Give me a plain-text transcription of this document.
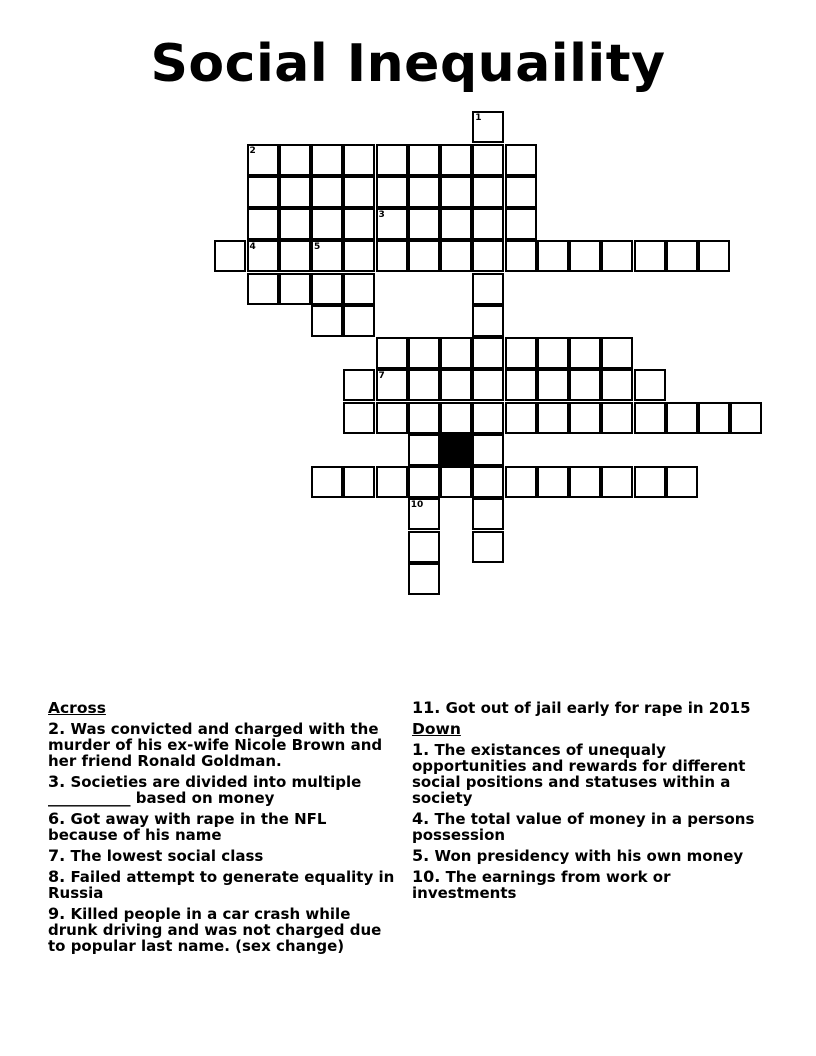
Social Inequaility
1
2
3
4	5
7
10
Across
2. Was convicted and charged with the murder of his ex-wife Nicole Brown and her friend Ronald Goldman.
3. Societies are divided into multiple ___________ based on money
6. Got away with rape in the NFL because of his name
7. The lowest social class
8. Failed attempt to generate equality in Russia
9. Killed people in a car crash while drunk driving and was not charged due to popular last name. (sex change)
11. Got out of jail early for rape in 2015
Down
1. The existances of unequaly opportunities and rewards for different social positions and statuses within a society
4. The total value of money in a persons possession
5. Won presidency with his own money
10. The earnings from work or investments
